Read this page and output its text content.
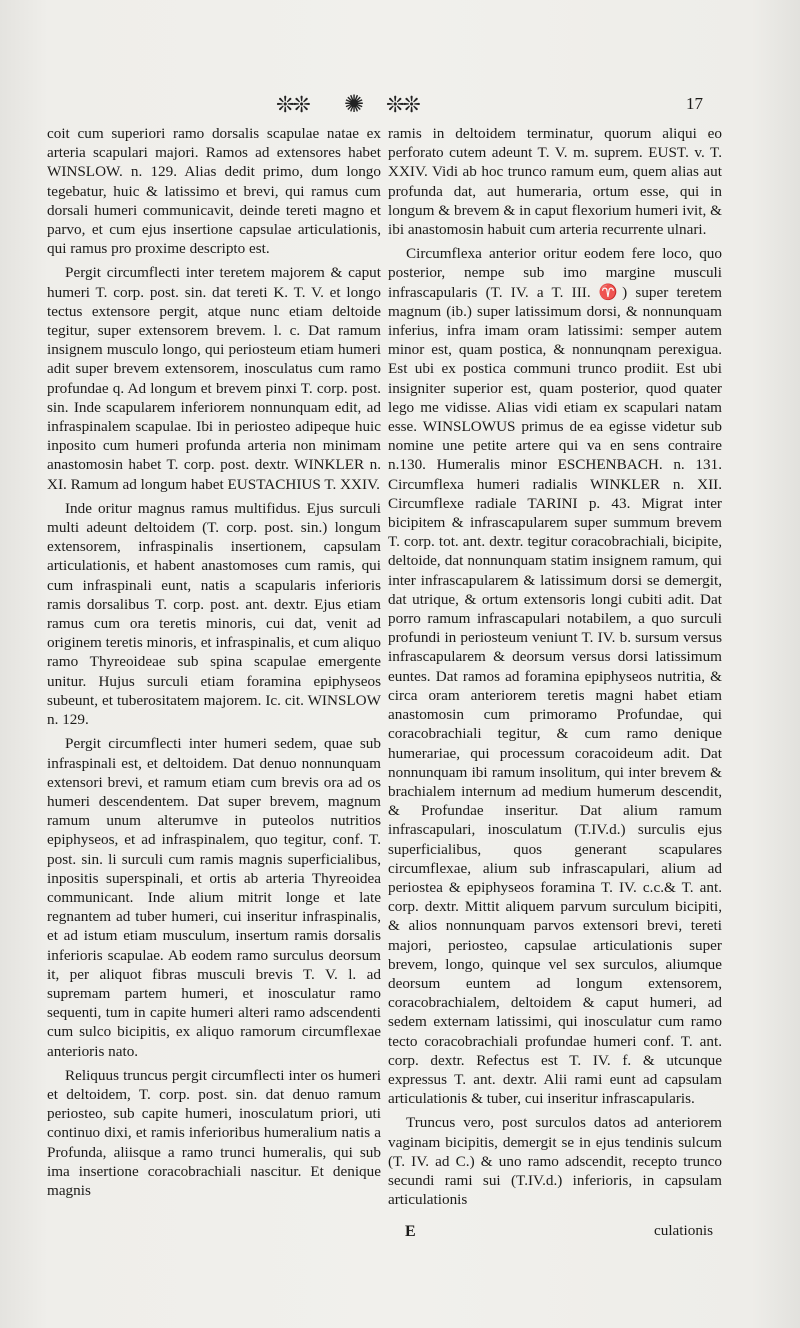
❊❊ ✺ ❊❊	17

coit cum superiori ramo dorsalis scapulae natae ex arteria scapulari majori. Ramos ad extensores habet WINSLOW. n. 129. Alias dedit primo, dum longo tegebatur, huic & latissimo et brevi, qui ramus cum dorsali humeri communicavit, deinde tereti magno et parvo, et cum ejus insertione capsulae articulationis, qui ramus pro proxime descripto est.

Pergit circumflecti inter teretem majorem & caput humeri T. corp. post. sin. dat tereti K. T. V. et longo tectus extensore pergit, atque nunc etiam deltoide tegitur, super extensorem brevem. l. c. Dat ramum insignem musculo longo, qui periosteum etiam humeri adit super brevem extensorem, inosculatus cum ramo profundae q. Ad longum et brevem pinxi T. corp. post. sin. Inde scapularem inferiorem nonnunquam edit, ad infraspinalem scapulae. Ibi in periosteo adipeque huic inposito cum humeri profunda arteria non minimam anastomosin habet T. corp. post. dextr. WINKLER n. XI. Ramum ad longum habet EUSTACHIUS T. XXIV.

Inde oritur magnus ramus multifidus. Ejus surculi multi adeunt deltoidem (T. corp. post. sin.) longum extensorem, infraspinalis insertionem, capsulam articulationis, et habent anastomoses cum ramis, qui cum infraspinali eunt, natis a scapularis inferioris ramis dorsalibus T. corp. post. ant. dextr. Ejus etiam ramus cum ora teretis minoris, cui dat, venit ad originem teretis minoris, et infraspinalis, et cum aliquo ramo Thyreoideae sub spina scapulae emergente unitur. Hujus surculi etiam foramina epiphyseos subeunt, et tuberositatem majorem. Ic. cit. WINSLOW n. 129.

Pergit circumflecti inter humeri sedem, quae sub infraspinali est, et deltoidem. Dat denuo nonnunquam extensori brevi, et ramum etiam cum brevis ora ad os humeri descendentem. Dat super brevem, magnum ramum unum alterumve in puteolos nutritios epiphyseos, et ad infraspinalem, quo tegitur, conf. T. post. sin. li surculi cum ramis magnis superficialibus, inpositis superspinali, et ortis ab arteria Thyreoidea communicant. Inde alium mitrit longe et late regnantem ad tuber humeri, cui inseritur infraspinalis, et ad istum etiam musculum, insertum ramis dorsalis inferioris scapulae. Ab eodem ramo surculus deorsum it, per aliquot fibras musculi brevis T. V. l. ad supremam partem humeri, et inosculatur ramo sequenti, tum in capite humeri alteri ramo adscendenti cum sulco bicipitis, ex aliquo ramorum circumflexae anterioris nato.

Reliquus truncus pergit circumflecti inter os humeri et deltoidem, T. corp. post. sin. dat denuo ramum periosteo, sub capite humeri, inosculatum priori, uti continuo dixi, et ramis inferioribus humeralium natis a Profunda, aliisque a ramo trunci humeralis, qui sub ima insertione coracobrachiali nascitur. Et denique magnis

ramis in deltoidem terminatur, quorum aliqui eo perforato cutem adeunt T. V. m. suprem. EUST. v. T. XXIV. Vidi ab hoc trunco ramum eum, quem alias aut profunda dat, aut humeraria, ortum esse, qui in longum & brevem & in caput flexorium humeri ivit, & ibi anastomosin habuit cum arteria recurrente ulnari.

Circumflexa anterior oritur eodem fere loco, quo posterior, nempe sub imo margine musculi infrascapularis (T. IV. a T. III. ♈) super teretem magnum (ib.) super latissimum dorsi, & nonnunquam inferius, infra imam oram latissimi: semper autem minor est, quam postica, & nonnunqnam perexigua. Est ubi ex postica communi trunco prodiit. Est ubi insigniter superior est, quam posterior, quod quater lego me vidisse. Alias vidi etiam ex scapulari natam esse. WINSLOWUS primus de ea egisse videtur sub nomine une petite artere qui va en sens contraire n.130. Humeralis minor ESCHENBACH. n. 131. Circumflexa humeri radialis WINKLER n. XII. Circumflexe radiale TARINI p. 43. Migrat inter bicipitem & infrascapularem super summum brevem T. corp. tot. ant. dextr. tegitur coracobrachiali, bicipite, deltoide, dat nonnunquam statim insignem ramum, qui inter infrascapularem & latissimum dorsi se demergit, dat utrique, & ortum extensoris longi cubiti adit. Dat porro ramum infrascapulari notabilem, a quo surculi profundi in periosteum veniunt T. IV. b. sursum versus infrascapularem & deorsum versus dorsi latissimum euntes. Dat ramos ad foramina epiphyseos nutritia, & circa oram anteriorem teretis magni habet etiam anastomosin cum primoramo Profundae, qui coracobrachiali tegitur, & cum ramo denique humerariae, qui processum coracoideum adit. Dat nonnunquam ibi ramum insolitum, qui inter brevem & brachialem internum ad medium humerum descendit, & Profundae inseritur. Dat alium ramum infrascapulari, inosculatum (T.IV.d.) surculis ejus superficialibus, quos generant scapulares circumflexae, alium sub infrascapulari, alium ad periostea & epiphyseos foramina T. IV. c.c.& T. ant. corp. dextr. Mittit aliquem parvum surculum bicipiti, & alios nonnunquam parvos extensori brevi, tereti majori, periosteo, capsulae articulationis super brevem, longo, quinque vel sex surculos, aliumque deorsum euntem ad longum extensorem, coracobrachialem, deltoidem & caput humeri, ad sedem externam latissimi, qui inosculatur cum ramo tecto coracobrachiali profundae humeri conf. T. ant. corp. dextr. Refectus est T. IV. f. & utcunque expressus T. ant. dextr. Alii rami eunt ad capsulam articulationis & tuber, cui inseritur infrascapularis.

Truncus vero, post surculos datos ad anteriorem vaginam bicipitis, demergit se in ejus tendinis sulcum (T. IV. ad C.) & uno ramo adscendit, recepto trunco secundi rami sui (T.IV.d.) inferioris, in capsulam articulationis

E	culationis
